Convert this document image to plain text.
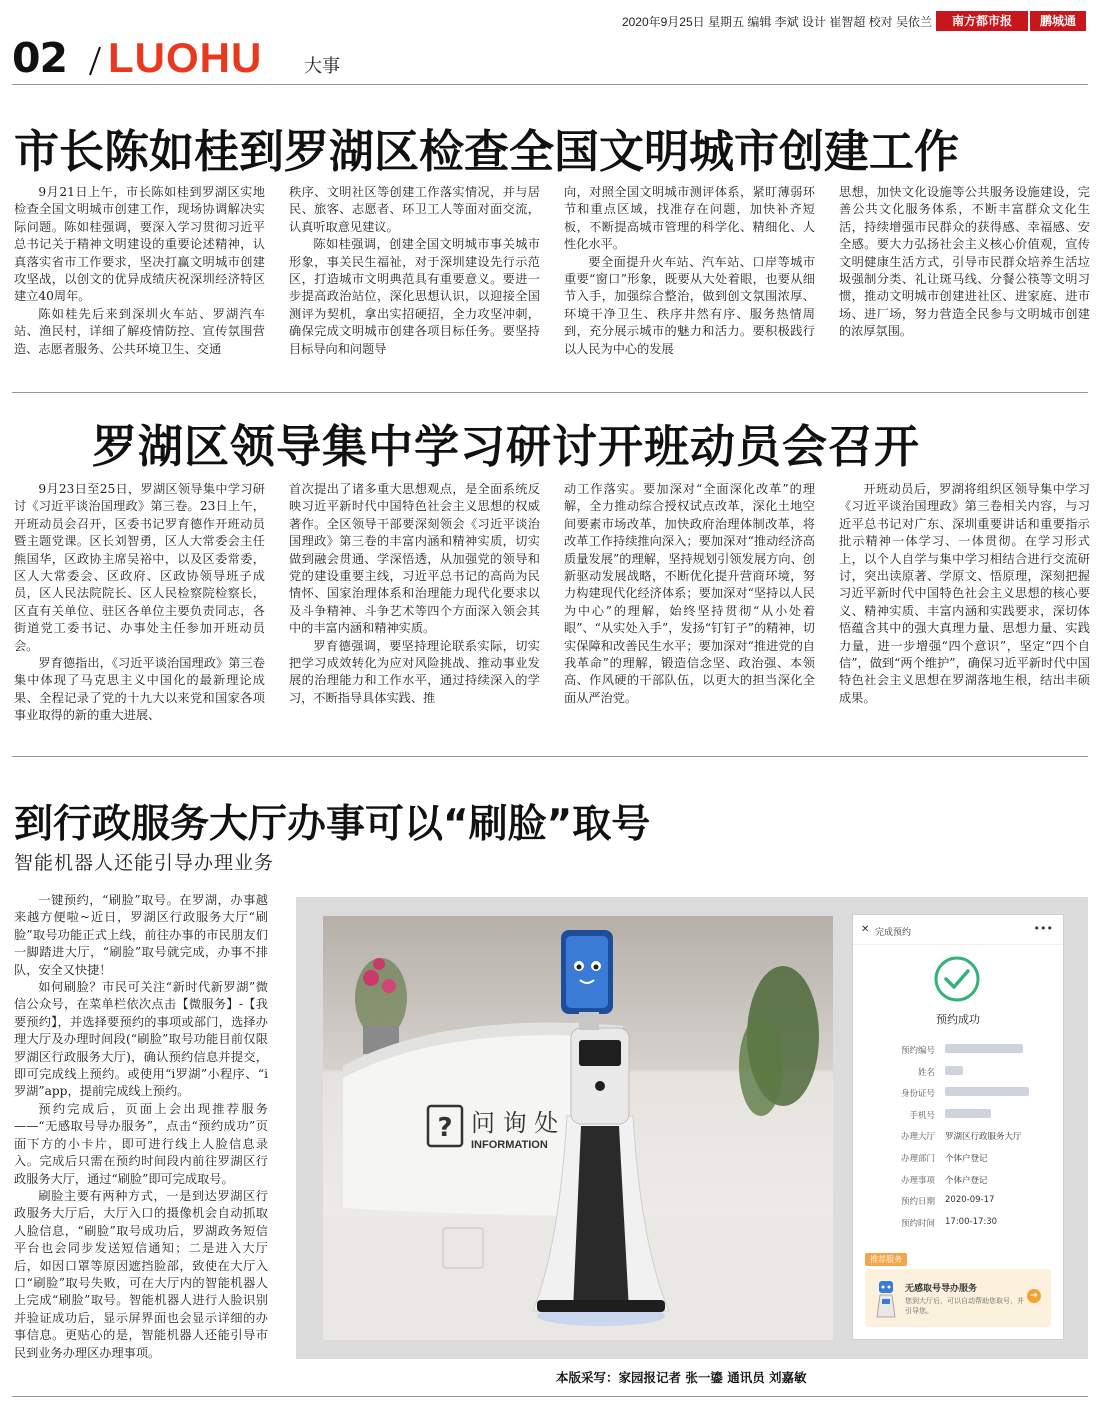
2020年9月25日 星期五 编辑 李斌 设计 崔智超 校对 吴依兰	南方都市报	鹏城通
02 LUOHU 大事
市长陈如桂到罗湖区检查全国文明城市创建工作

9月21日上午，市长陈如桂到罗湖区实地检查全国文明城市创建工作，现场协调解决实际问题。陈如桂强调，要深入学习贯彻习近平总书记关于精神文明建设的重要论述精神，认真落实省市工作要求，坚决打赢文明城市创建攻坚战，以创文的优异成绩庆祝深圳经济特区建立40周年。

陈如桂先后来到深圳火车站、罗湖汽车站、渔民村，详细了解疫情防控、宣传氛围营造、志愿者服务、公共环境卫生、交通

秩序、文明社区等创建工作落实情况，并与居民、旅客、志愿者、环卫工人等面对面交流，认真听取意见建议。

陈如桂强调，创建全国文明城市事关城市形象，事关民生福祉，对于深圳建设先行示范区，打造城市文明典范具有重要意义。要进一步提高政治站位，深化思想认识，以迎接全国测评为契机，拿出实招硬招，全力攻坚冲刺，确保完成文明城市创建各项目标任务。要坚持目标导向和问题导

向，对照全国文明城市测评体系，紧盯薄弱环节和重点区域，找准存在问题，加快补齐短板，不断提高城市管理的科学化、精细化、人性化水平。

要全面提升火车站、汽车站、口岸等城市重要“窗口”形象，既要从大处着眼，也要从细节入手，加强综合整治，做到创文氛围浓厚、环境干净卫生、秩序井然有序、服务热情周到，充分展示城市的魅力和活力。要积极践行以人民为中心的发展

思想，加快文化设施等公共服务设施建设，完善公共文化服务体系，不断丰富群众文化生活，持续增强市民群众的获得感、幸福感、安全感。要大力弘扬社会主义核心价值观，宣传文明健康生活方式，引导市民群众培养生活垃圾强制分类、礼让斑马线、分餐公筷等文明习惯，推动文明城市创建进社区、进家庭、进市场、进厂场，努力营造全民参与文明城市创建的浓厚氛围。

罗湖区领导集中学习研讨开班动员会召开

9月23日至25日，罗湖区领导集中学习研讨《习近平谈治国理政》第三卷。23日上午，开班动员会召开，区委书记罗育德作开班动员暨主题党课。区长刘智勇，区人大常委会主任熊国华，区政协主席吴裕中，以及区委常委，区人大常委会、区政府、区政协领导班子成员，区人民法院院长、区人民检察院检察长，区直有关单位、驻区各单位主要负责同志，各街道党工委书记、办事处主任参加开班动员会。

罗育德指出，《习近平谈治国理政》第三卷集中体现了马克思主义中国化的最新理论成果、全程记录了党的十九大以来党和国家各项事业取得的新的重大进展、

首次提出了诸多重大思想观点，是全面系统反映习近平新时代中国特色社会主义思想的权威著作。全区领导干部要深刻领会《习近平谈治国理政》第三卷的丰富内涵和精神实质，切实做到融会贯通、学深悟透，从加强党的领导和党的建设重要主线，习近平总书记的高尚为民情怀、国家治理体系和治理能力现代化要求以及斗争精神、斗争艺术等四个方面深入领会其中的丰富内涵和精神实质。

罗育德强调，要坚持理论联系实际，切实把学习成效转化为应对风险挑战、推动事业发展的治理能力和工作水平，通过持续深入的学习，不断指导具体实践、推

动工作落实。要加深对“全面深化改革”的理解，全力推动综合授权试点改革，深化土地空间要素市场改革，加快政府治理体制改革，将改革工作持续推向深入；要加深对“推动经济高质量发展”的理解，坚持规划引领发展方向、创新驱动发展战略，不断优化提升营商环境，努力构建现代化经济体系；要加深对“坚持以人民为中心”的理解，始终坚持贯彻“从小处着眼”、“从实处入手”，发扬“钉钉子”的精神，切实保障和改善民生水平；要加深对“推进党的自我革命”的理解，锻造信念坚、政治强、本领高、作风硬的干部队伍，以更大的担当深化全面从严治党。

开班动员后，罗湖将组织区领导集中学习《习近平谈治国理政》第三卷相关内容，与习近平总书记对广东、深圳重要讲话和重要指示批示精神一体学习、一体贯彻。在学习形式上，以个人自学与集中学习相结合进行交流研讨，突出读原著、学原文、悟原理，深刻把握习近平新时代中国特色社会主义思想的核心要义、精神实质、丰富内涵和实践要求，深切体悟蕴含其中的强大真理力量、思想力量、实践力量，进一步增强“四个意识”，坚定“四个自信”，做到“两个维护”，确保习近平新时代中国特色社会主义思想在罗湖落地生根，结出丰硕成果。

到行政服务大厅办事可以“刷脸”取号
智能机器人还能引导办理业务

一键预约，“刷脸”取号。在罗湖，办事越来越方便啦~近日，罗湖区行政服务大厅“刷脸”取号功能正式上线，前往办事的市民朋友们一脚踏进大厅，“刷脸”取号就完成，办事不排队，安全又快捷！

如何刷脸？市民可关注“新时代新罗湖”微信公众号，在菜单栏依次点击【微服务】-【我要预约】，并选择要预约的事项或部门，选择办理大厅及办理时间段(“刷脸”取号功能目前仅限罗湖区行政服务大厅)，确认预约信息并提交，即可完成线上预约。或使用“i罗湖”小程序、“i罗湖”app，提前完成线上预约。

预约完成后，页面上会出现推荐服务——“无感取号导办服务”，点击“预约成功”页面下方的小卡片，即可进行线上人脸信息录入。完成后只需在预约时间段内前往罗湖区行政服务大厅，通过“刷脸”即可完成取号。

刷脸主要有两种方式，一是到达罗湖区行政服务大厅后，大厅入口的摄像机会自动抓取人脸信息，“刷脸”取号成功后，罗湖政务短信平台也会同步发送短信通知；二是进入大厅后，如因口罩等原因遮挡脸部，致使在大厅入口“刷脸”取号失败，可在大厅内的智能机器人上完成“刷脸”取号。智能机器人进行人脸识别并验证成功后，显示屏界面也会显示详细的办事信息。更贴心的是，智能机器人还能引导市民到业务办理区办理事项。

? 问 询 处
INFORMATION
✕ 完成预约	•••
预约成功
预约编号
姓名
身份证号
手机号
办理大厅 罗湖区行政服务大厅
办理部门 个体户登记
办理事项 个体户登记
预约日期 2020-09-17
预约时间 17:00-17:30
推荐服务
无感取号导办服务
您到大厅后，可以自动帮助您取号，并引导您。
➔
本版采写：家园报记者 张一鎏 通讯员 刘嘉敏
